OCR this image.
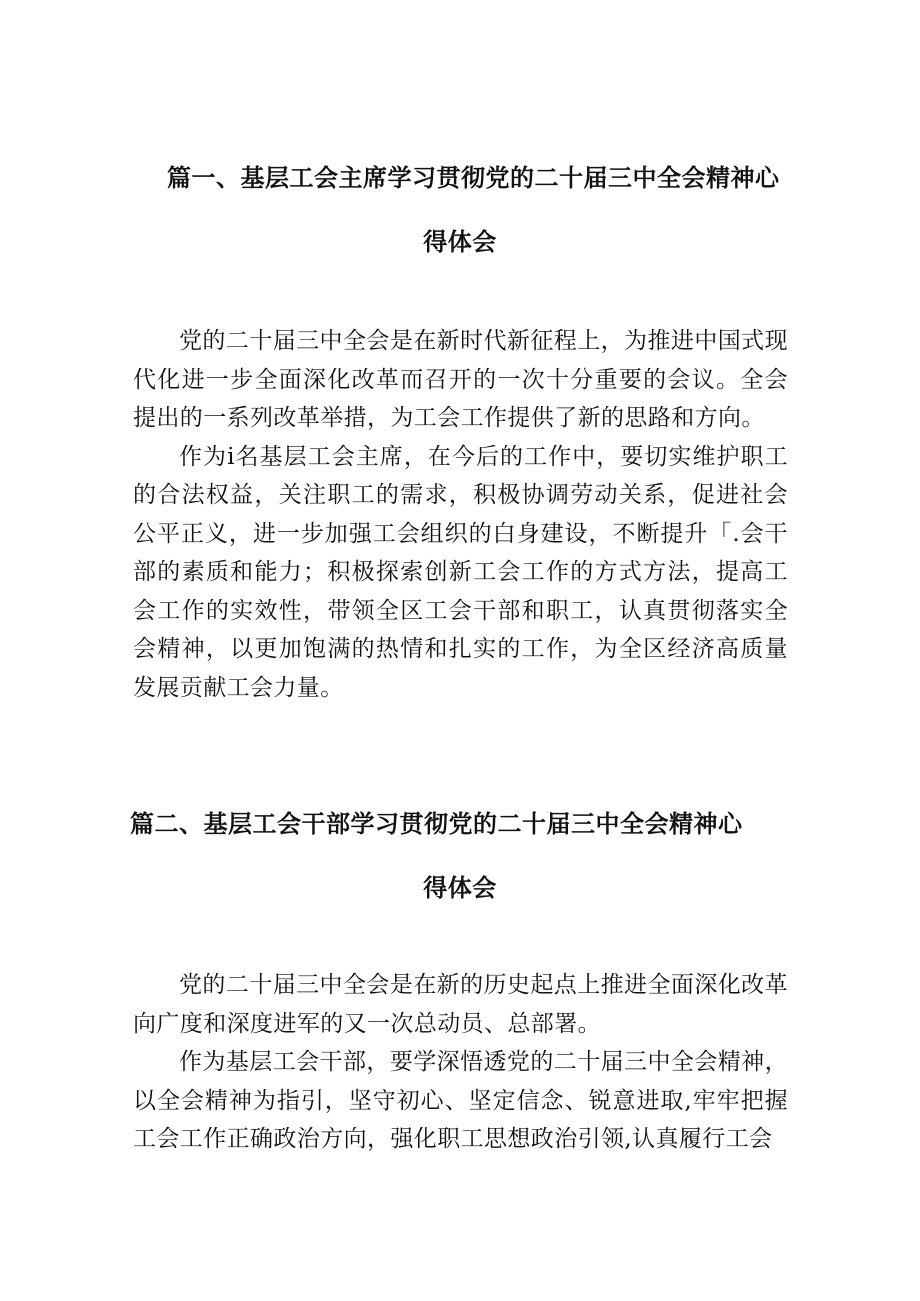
篇一、基层工会主席学习贯彻党的二十届三中全会精神心
得体会

党的二十届三中全会是在新时代新征程上，为推进中国式现代化进一步全面深化改革而召开的一次十分重要的会议。全会提出的一系列改革举措，为工会工作提供了新的思路和方向。

作为i名基层工会主席，在今后的工作中，要切实维护职工的合法权益，关注职工的需求，积极协调劳动关系，促进社会公平正义，进一步加强工会组织的白身建设，不断提升「.会干部的素质和能力；积极探索创新工会工作的方式方法，提高工会工作的实效性，带领全区工会干部和职工，认真贯彻落实全会精神，以更加饱满的热情和扎实的工作，为全区经济高质量发展贡献工会力量。

篇二、基层工会干部学习贯彻党的二十届三中全会精神心
得体会

党的二十届三中全会是在新的历史起点上推进全面深化改革向广度和深度进军的又一次总动员、总部署。

作为基层工会干部，要学深悟透党的二十届三中全会精神，以全会精神为指引，坚守初心、坚定信念、锐意进取,牢牢把握工会工作正确政治方向，强化职工思想政治引领,认真履行工会
